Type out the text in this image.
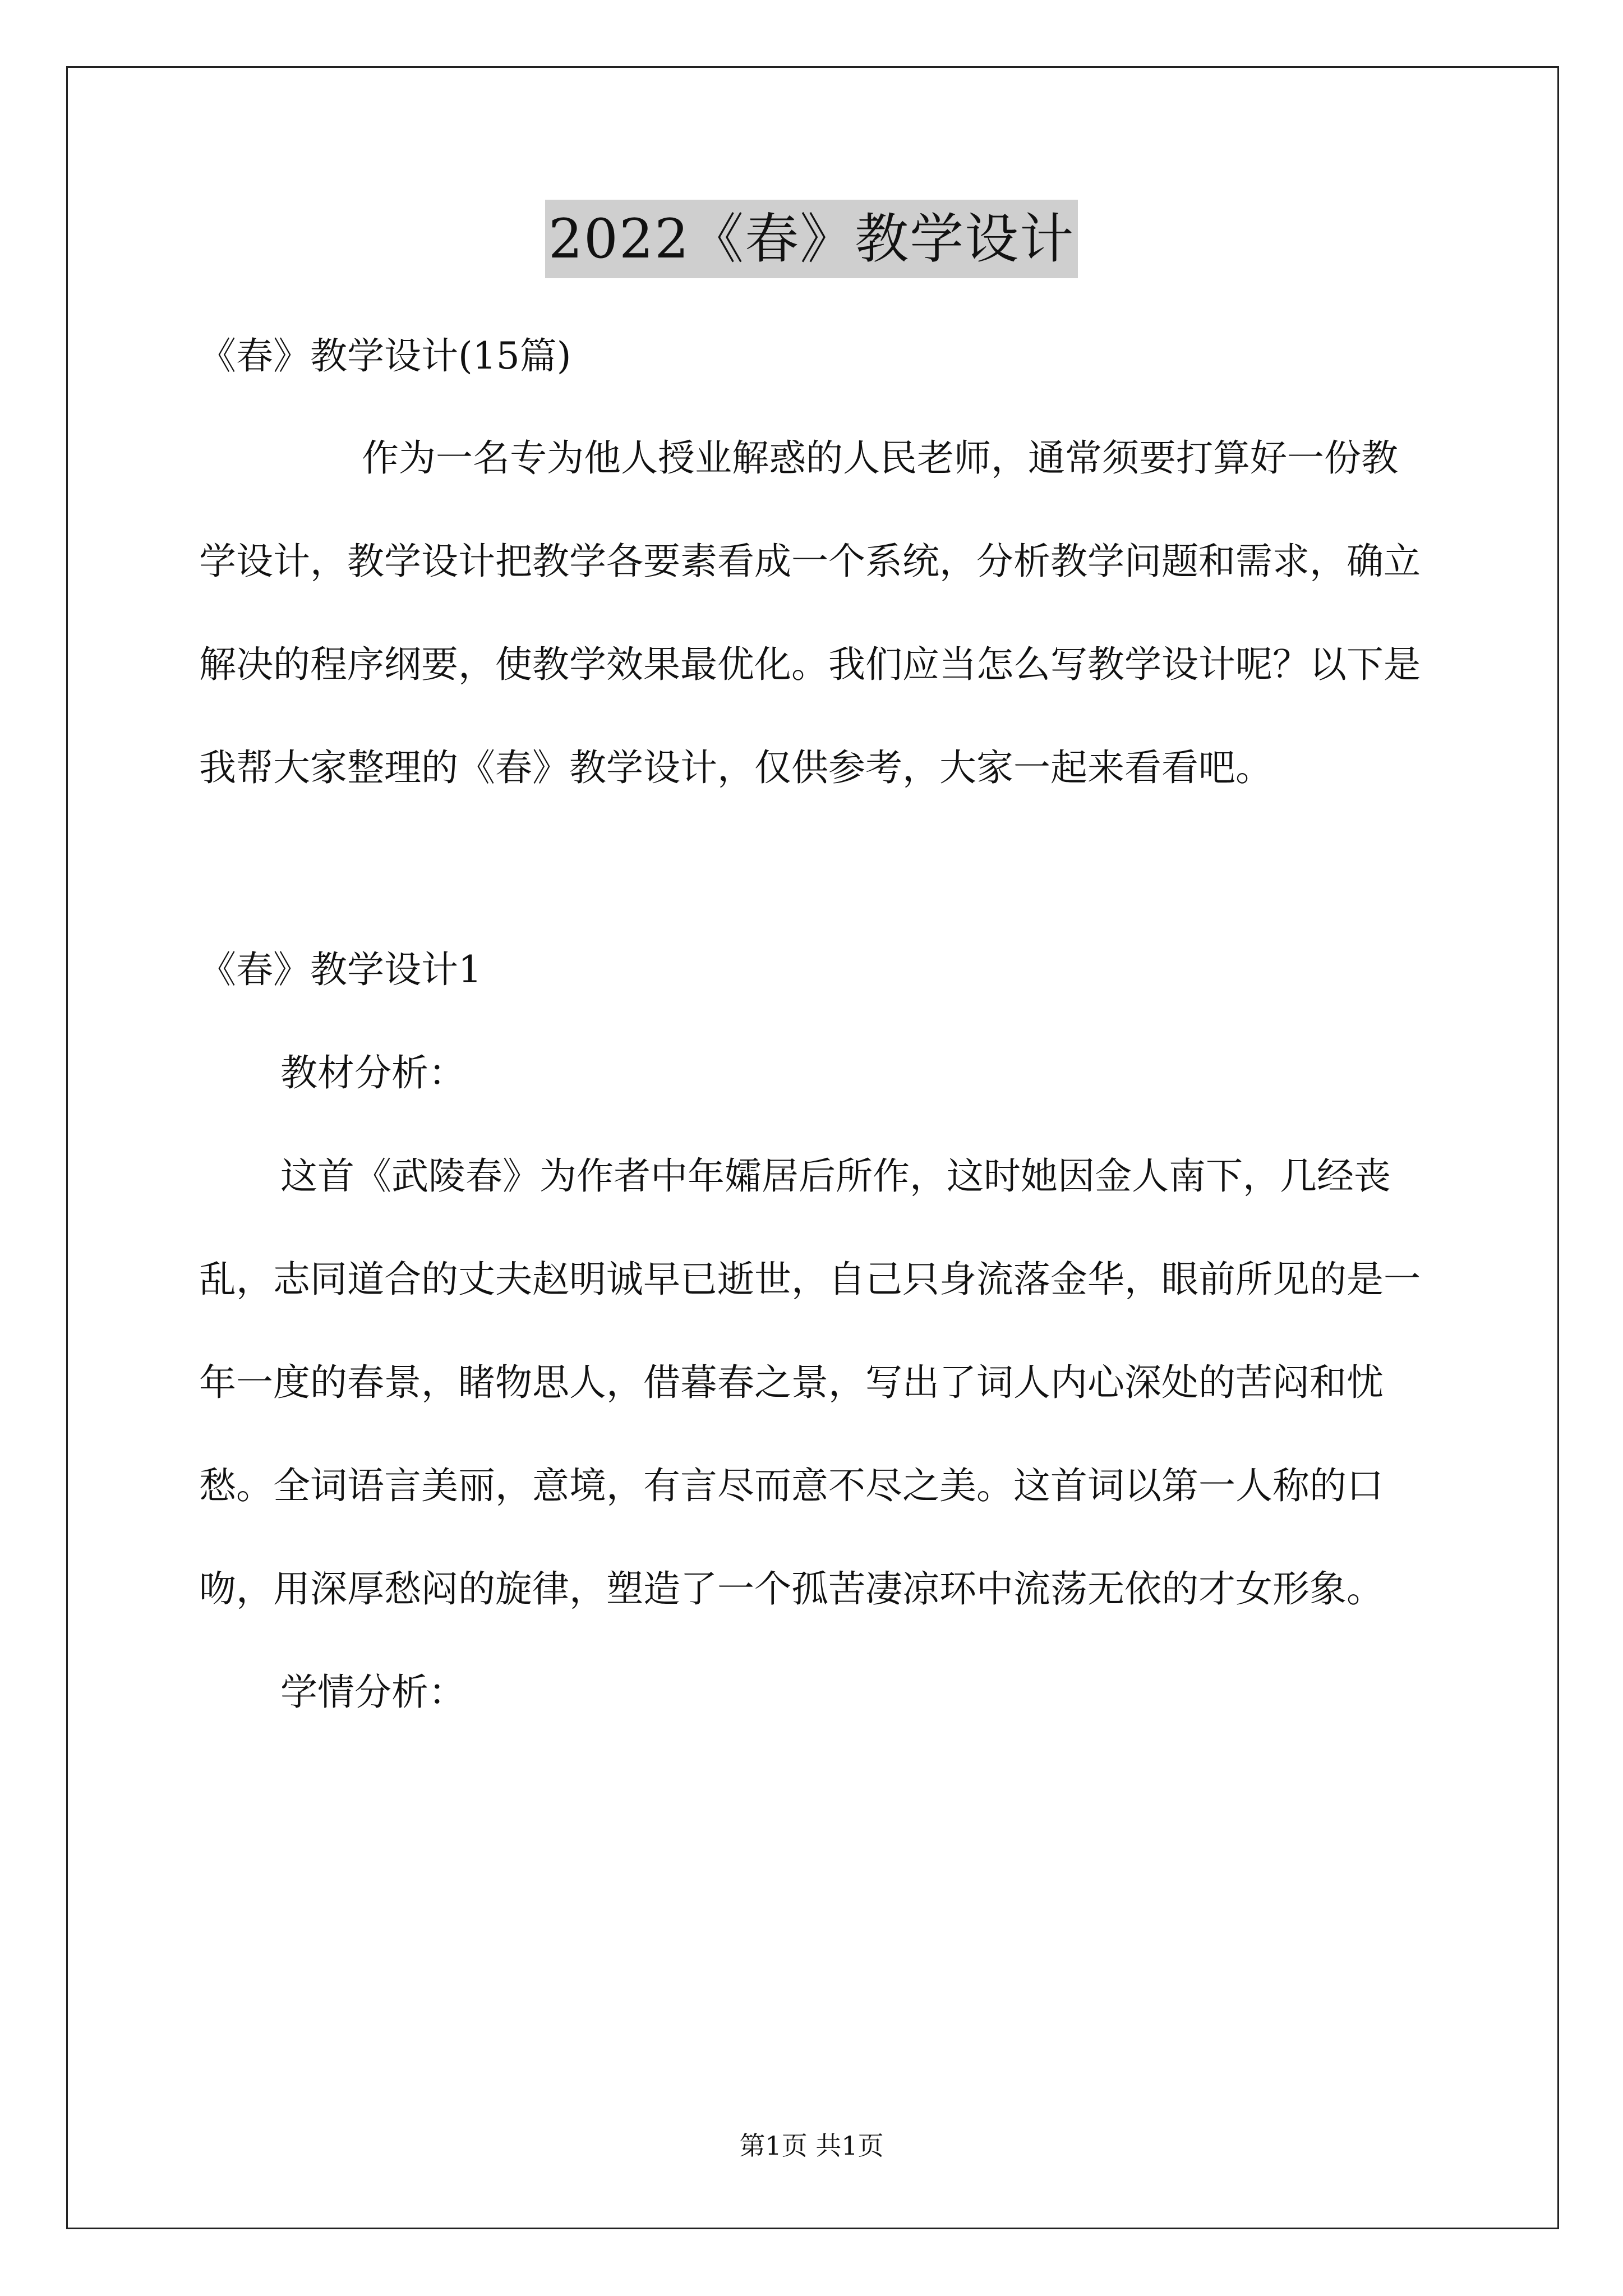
2022《春》教学设计

《春》教学设计(15篇)

作为一名专为他人授业解惑的人民老师，通常须要打算好一份教学设计，教学设计把教学各要素看成一个系统，分析教学问题和需求，确立解决的程序纲要，使教学效果最优化。我们应当怎么写教学设计呢？以下是我帮大家整理的《春》教学设计，仅供参考，大家一起来看看吧。

《春》教学设计1

教材分析：

这首《武陵春》为作者中年孀居后所作，这时她因金人南下，几经丧乱，志同道合的丈夫赵明诚早已逝世，自己只身流落金华，眼前所见的是一年一度的春景，睹物思人，借暮春之景，写出了词人内心深处的苦闷和忧愁。全词语言美丽，意境，有言尽而意不尽之美。这首词以第一人称的口吻，用深厚愁闷的旋律，塑造了一个孤苦凄凉环中流荡无依的才女形象。

学情分析：

第1页 共1页
